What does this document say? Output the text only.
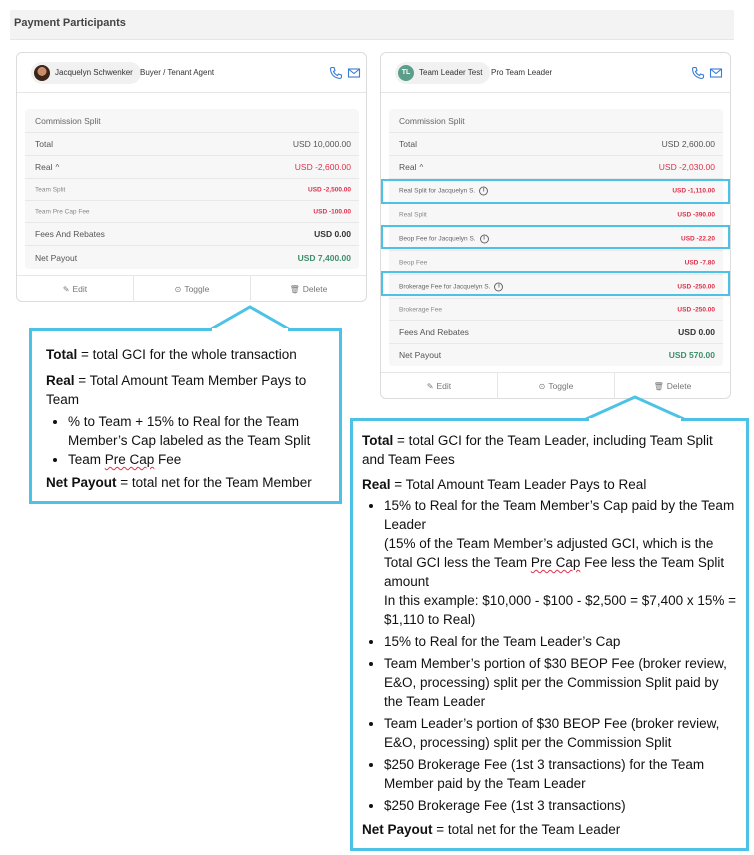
Payment Participants
Jacquelyn Schwenker Buyer / Tenant Agent
Commission Split
Total	USD 10,000.00
Real ^	USD -2,600.00
Team Split	USD -2,500.00
Team Pre Cap Fee	USD -100.00
Fees And Rebates	USD 0.00
Net Payout	USD 7,400.00
✎ Edit	⊙ Toggle	🗑 Delete
TL	Team Leader Test	Pro Team Leader
Commission Split
Total	USD 2,600.00
Real ^	USD -2,030.00
Real Split for Jacquelyn S. i	USD -1,110.00
Real Split	USD -390.00
Beop Fee for Jacquelyn S. i	USD -22.20
Beop Fee	USD -7.80
Brokerage Fee for Jacquelyn S. i	USD -250.00
Brokerage Fee	USD -250.00
Fees And Rebates	USD 0.00
Net Payout	USD 570.00
✎ Edit	⊙ Toggle	🗑 Delete

Total = total GCI for the whole transaction

Real = Total Amount Team Member Pays to Team

• % to Team + 15% to Real for the Team Member’s Cap labeled as the Team Split
• Team Pre Cap Fee

Net Payout = total net for the Team Member

Total = total GCI for the Team Leader, including Team Split and Team Fees

Real = Total Amount Team Leader Pays to Real

• 15% to Real for the Team Member’s Cap paid by the Team Leader
(15% of the Team Member’s adjusted GCI, which is the Total GCI less the Team Pre Cap Fee less the Team Split amount
In this example: $10,000 - $100 - $2,500 = $7,400 x 15% = $1,110 to Real)
• 15% to Real for the Team Leader’s Cap
• Team Member’s portion of $30 BEOP Fee (broker review, E&O, processing) split per the Commission Split paid by the Team Leader
• Team Leader’s portion of $30 BEOP Fee (broker review, E&O, processing) split per the Commission Split
• $250 Brokerage Fee (1st 3 transactions) for the Team Member paid by the Team Leader
• $250 Brokerage Fee (1st 3 transactions)

Net Payout = total net for the Team Leader
